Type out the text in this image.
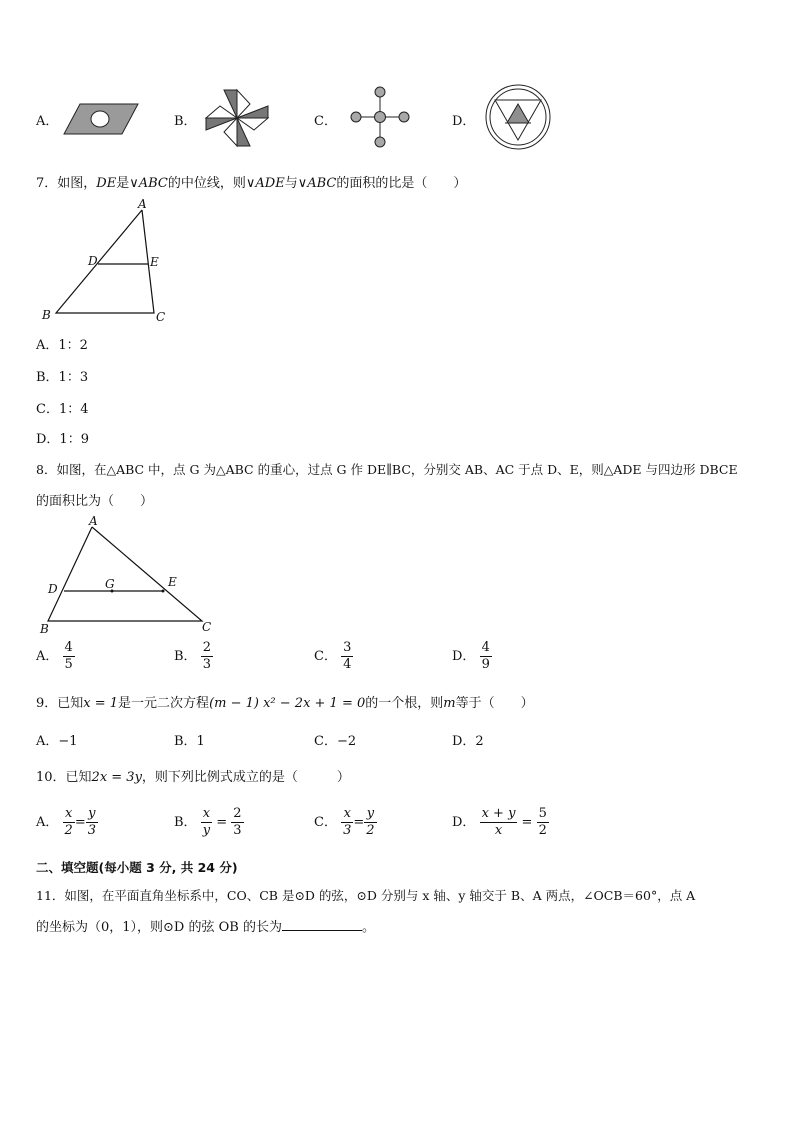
A．	B．	C．	D．
7．如图，DE是∨ABC的中位线，则∨ADE与∨ABC的面积的比是（　　）
A
D	E
B	C
A．1：2
B．1：3
C．1：4
D．1：9
8．如图，在△ABC 中，点 G 为△ABC 的重心，过点 G 作 DE∥BC，分别交 AB、AC 于点 D、E，则△ADE 与四边形 DBCE
的面积比为（　　）
A
D	G	E
B	C
A． $\frac{4}{5}$	B． $\frac{2}{3}$	C． $\frac{3}{4}$	D． $\frac{4}{9}$
9．已知x = 1是一元二次方程(m − 1) x² − 2x + 1 = 0的一个根，则m等于（　　）
A．−1	B．1	C．−2	D．2
10．已知2x = 3y，则下列比例式成立的是（　　　）
A． $\frac{x}{2} = \frac{y}{3}$	B． $\frac{x}{y} = \frac{2}{3}$	C． $\frac{x}{3} = \frac{y}{2}$	D． $\frac{x + y}{x} = \frac{5}{2}$
二、填空题(每小题 3 分, 共 24 分)
11．如图，在平面直角坐标系中，CO、CB 是⊙D 的弦，⊙D 分别与 x 轴、y 轴交于 B、A 两点，∠OCB＝60°，点 A
的坐标为（0，1），则⊙D 的弦 OB 的长为	。
